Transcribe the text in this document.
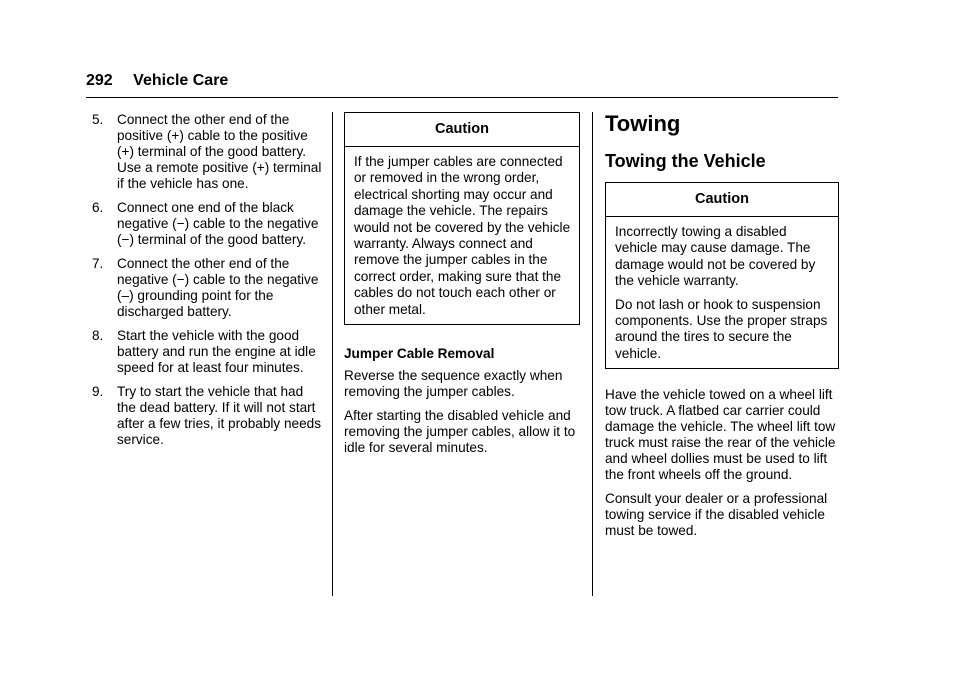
292 Vehicle Care
5. Connect the other end of the positive (+) cable to the positive (+) terminal of the good battery. Use a remote positive (+) terminal if the vehicle has one.
6. Connect one end of the black negative (−) cable to the negative (−) terminal of the good battery.
7. Connect the other end of the negative (−) cable to the negative (–) grounding point for the discharged battery.
8. Start the vehicle with the good battery and run the engine at idle speed for at least four minutes.
9. Try to start the vehicle that had the dead battery. If it will not start after a few tries, it probably needs service.
Caution

If the jumper cables are connected or removed in the wrong order, electrical shorting may occur and damage the vehicle. The repairs would not be covered by the vehicle warranty. Always connect and remove the jumper cables in the correct order, making sure that the cables do not touch each other or other metal.

Jumper Cable Removal

Reverse the sequence exactly when removing the jumper cables.

After starting the disabled vehicle and removing the jumper cables, allow it to idle for several minutes.

Towing
Towing the Vehicle
Caution

Incorrectly towing a disabled vehicle may cause damage. The damage would not be covered by the vehicle warranty.

Do not lash or hook to suspension components. Use the proper straps around the tires to secure the vehicle.

Have the vehicle towed on a wheel lift tow truck. A flatbed car carrier could damage the vehicle. The wheel lift tow truck must raise the rear of the vehicle and wheel dollies must be used to lift the front wheels off the ground.

Consult your dealer or a professional towing service if the disabled vehicle must be towed.
